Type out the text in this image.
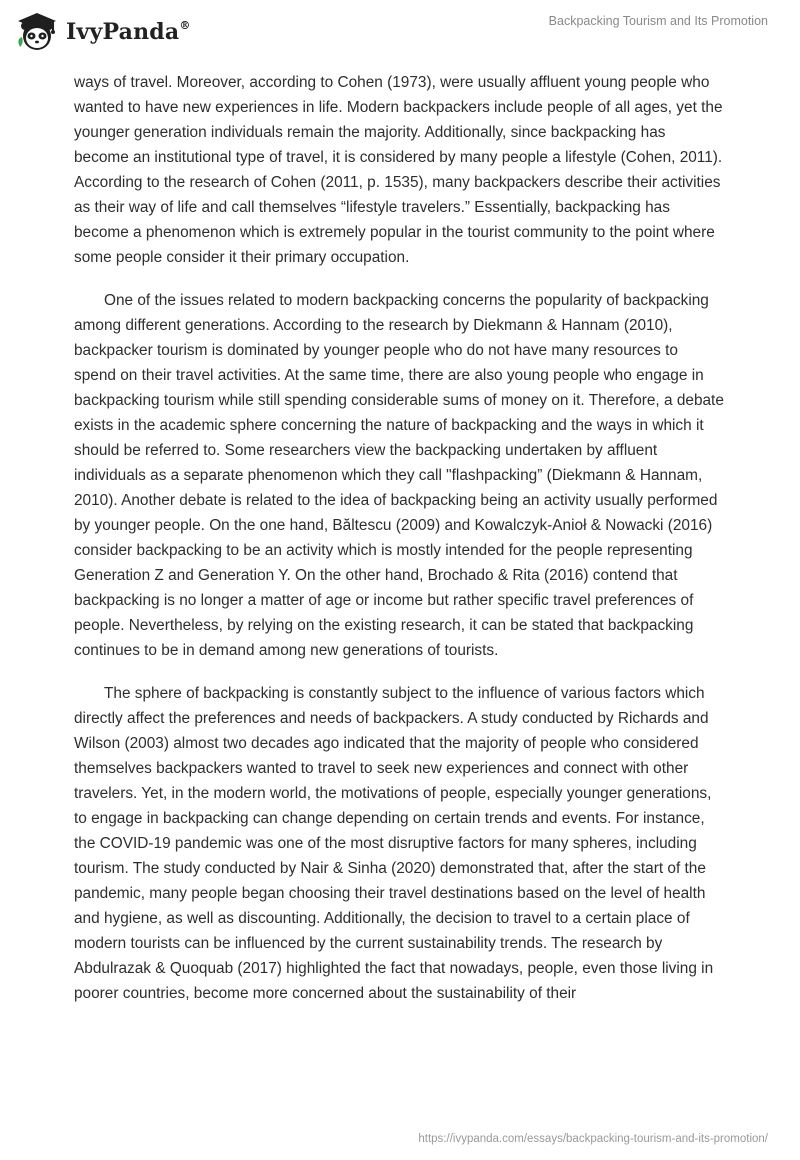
IvyPanda®	Backpacking Tourism and Its Promotion

ways of travel. Moreover, according to Cohen (1973), were usually affluent young people who wanted to have new experiences in life. Modern backpackers include people of all ages, yet the younger generation individuals remain the majority. Additionally, since backpacking has become an institutional type of travel, it is considered by many people a lifestyle (Cohen, 2011). According to the research of Cohen (2011, p. 1535), many backpackers describe their activities as their way of life and call themselves “lifestyle travelers.” Essentially, backpacking has become a phenomenon which is extremely popular in the tourist community to the point where some people consider it their primary occupation.

One of the issues related to modern backpacking concerns the popularity of backpacking among different generations. According to the research by Diekmann & Hannam (2010), backpacker tourism is dominated by younger people who do not have many resources to spend on their travel activities. At the same time, there are also young people who engage in backpacking tourism while still spending considerable sums of money on it. Therefore, a debate exists in the academic sphere concerning the nature of backpacking and the ways in which it should be referred to. Some researchers view the backpacking undertaken by affluent individuals as a separate phenomenon which they call "flashpacking” (Diekmann & Hannam, 2010). Another debate is related to the idea of backpacking being an activity usually performed by younger people. On the one hand, Băltescu (2009) and Kowalczyk-Anioł & Nowacki (2016) consider backpacking to be an activity which is mostly intended for the people representing Generation Z and Generation Y. On the other hand, Brochado & Rita (2016) contend that backpacking is no longer a matter of age or income but rather specific travel preferences of people. Nevertheless, by relying on the existing research, it can be stated that backpacking continues to be in demand among new generations of tourists.

The sphere of backpacking is constantly subject to the influence of various factors which directly affect the preferences and needs of backpackers. A study conducted by Richards and Wilson (2003) almost two decades ago indicated that the majority of people who considered themselves backpackers wanted to travel to seek new experiences and connect with other travelers. Yet, in the modern world, the motivations of people, especially younger generations, to engage in backpacking can change depending on certain trends and events. For instance, the COVID-19 pandemic was one of the most disruptive factors for many spheres, including tourism. The study conducted by Nair & Sinha (2020) demonstrated that, after the start of the pandemic, many people began choosing their travel destinations based on the level of health and hygiene, as well as discounting. Additionally, the decision to travel to a certain place of modern tourists can be influenced by the current sustainability trends. The research by Abdulrazak & Quoquab (2017) highlighted the fact that nowadays, people, even those living in poorer countries, become more concerned about the sustainability of their

https://ivypanda.com/essays/backpacking-tourism-and-its-promotion/
